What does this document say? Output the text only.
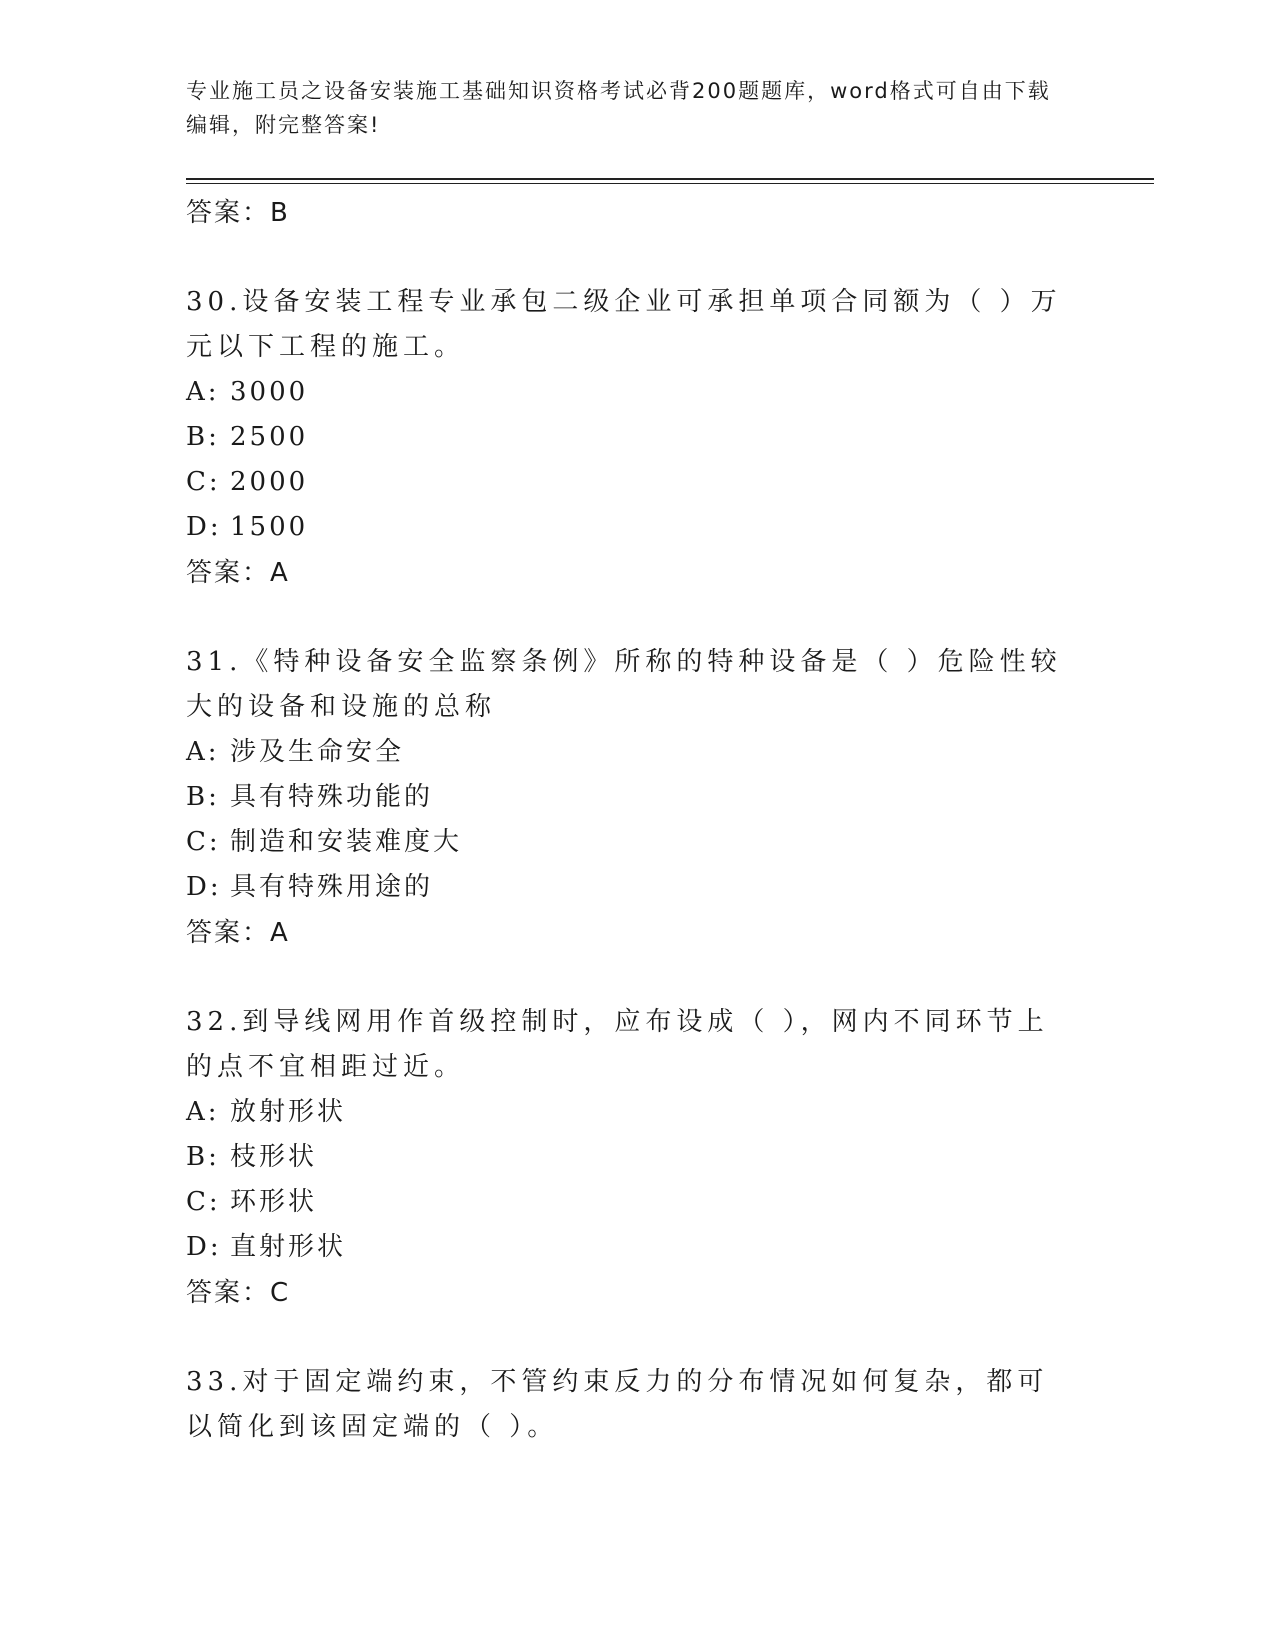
专业施工员之设备安装施工基础知识资格考试必背200题题库，word格式可自由下载编辑，附完整答案!

答案：B

30.设备安装工程专业承包二级企业可承担单项合同额为（ ）万元以下工程的施工。

A: 3000

B: 2500

C: 2000

D: 1500

答案：A

31.《特种设备安全监察条例》所称的特种设备是（ ）危险性较大的设备和设施的总称

A: 涉及生命安全

B: 具有特殊功能的

C: 制造和安装难度大

D: 具有特殊用途的

答案：A

32.到导线网用作首级控制时，应布设成（ ），网内不同环节上的点不宜相距过近。

A: 放射形状

B: 枝形状

C: 环形状

D: 直射形状

答案：C

33.对于固定端约束，不管约束反力的分布情况如何复杂，都可以简化到该固定端的（ ）。
